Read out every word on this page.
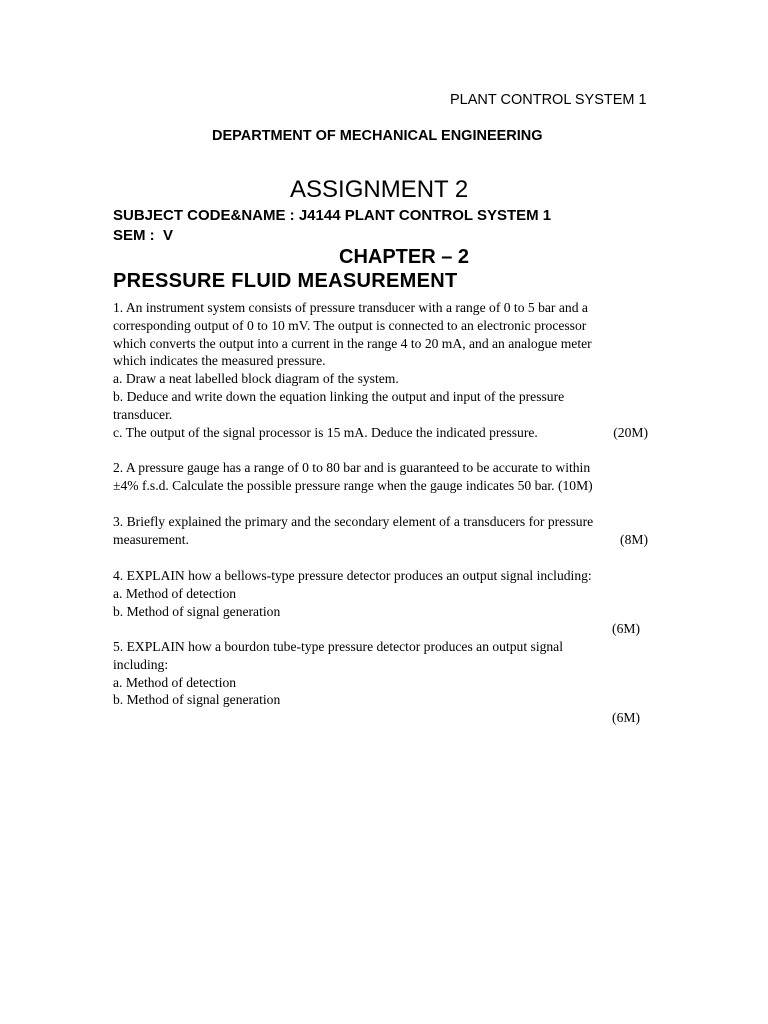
PLANT CONTROL SYSTEM 1
DEPARTMENT OF MECHANICAL ENGINEERING
ASSIGNMENT 2
SUBJECT CODE&NAME : J4144 PLANT CONTROL SYSTEM 1
SEM :  V
CHAPTER – 2
PRESSURE FLUID MEASUREMENT
1. An instrument system consists of pressure transducer with a range of 0 to 5 bar and a
corresponding output of 0 to 10 mV. The output is connected to an electronic processor
which converts the output into a current in the range 4 to 20 mA, and an analogue meter
which indicates the measured pressure.
a. Draw a neat labelled block diagram of the system.
b. Deduce and write down the equation linking the output and input of the pressure
transducer.
c. The output of the signal processor is 15 mA. Deduce the indicated pressure.	(20M)
2. A pressure gauge has a range of 0 to 80 bar and is guaranteed to be accurate to within
±4% f.s.d. Calculate the possible pressure range when the gauge indicates 50 bar. (10M)
3. Briefly explained the primary and the secondary element of a transducers for pressure
measurement.	(8M)
4. EXPLAIN how a bellows-type pressure detector produces an output signal including:
a. Method of detection
b. Method of signal generation
(6M)
5. EXPLAIN how a bourdon tube-type pressure detector produces an output signal
including:
a. Method of detection
b. Method of signal generation
(6M)
